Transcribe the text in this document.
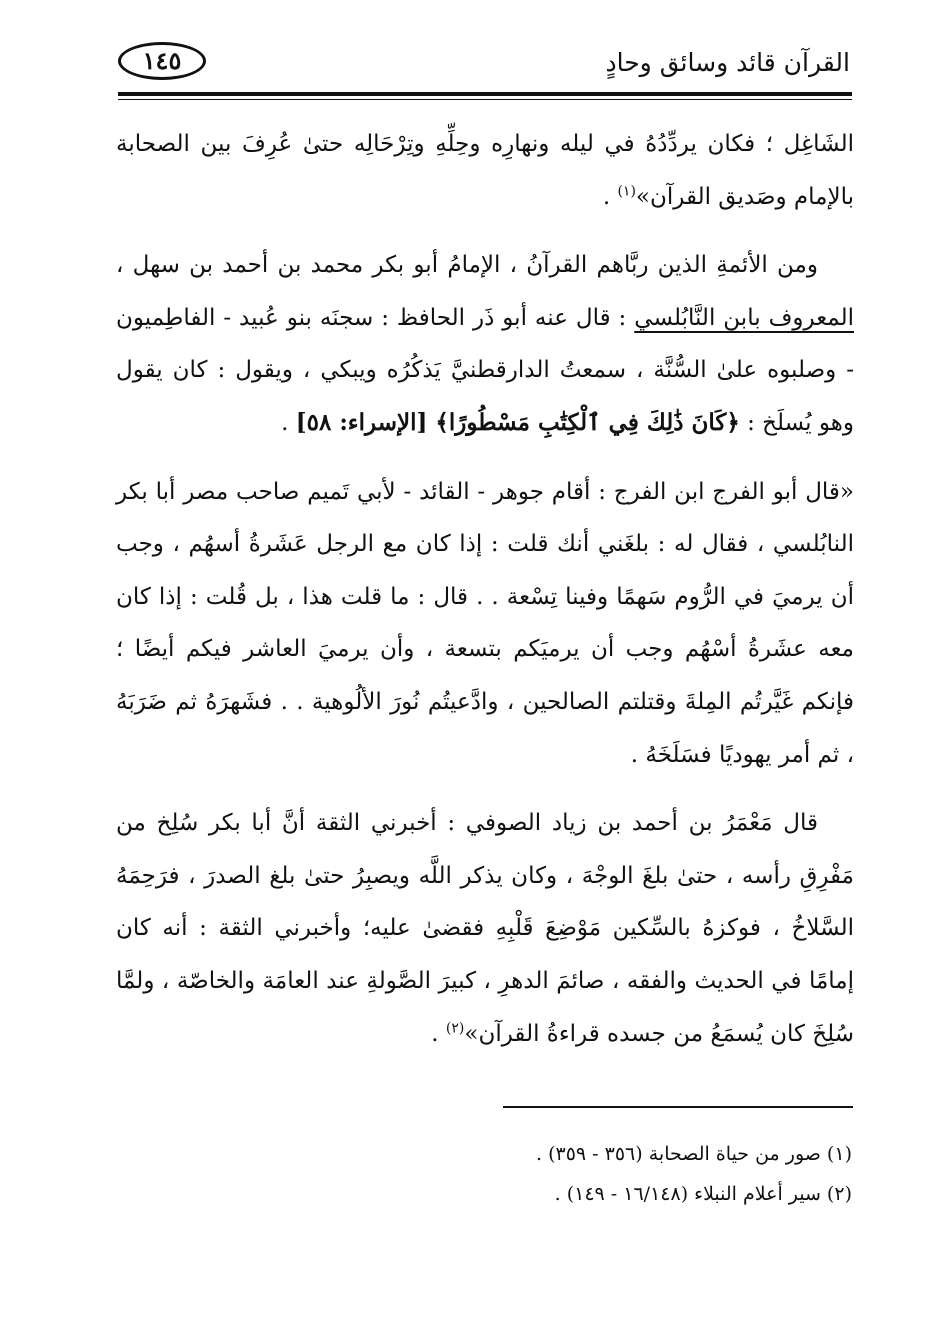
١٤٥	القرآن قائد وسائق وحادٍ

الشَاغِل ؛ فكان يردِّدُهُ في ليله ونهارِه وحِلِّهِ وتِرْحَالِه حتىٰ عُرِفَ بين الصحابة بالإمام وصَديق القرآن»$^{(١)}$ .

ومن الأئمةِ الذين ربَّاهم القرآنُ ، الإمامُ أبو بكر محمد بن أحمد بن سهل ، المعروف بابن النَّابُلسي : قال عنه أبو ذَر الحافظ : سجنَه بنو عُبيد - الفاطِميون - وصلبوه علىٰ السُّنَّة ، سمعتُ الدارقطنيَّ يَذكُرُه ويبكي ، ويقول : كان يقول وهو يُسلَخ : ﴿كَانَ ذَٰلِكَ فِي ٱلْكِتَٰبِ مَسْطُورًا﴾ [الإسراء: ٥٨] .

«قال أبو الفرج ابن الفرج : أقام جوهر - القائد - لأبي تَميم صاحب مصر أبا بكر النابُلسي ، فقال له : بلغَني أنك قلت : إذا كان مع الرجل عَشَرةُ أسهُم ، وجب أن يرميَ في الرُّوم سَهمًا وفينا تِسْعة . . قال : ما قلت هذا ، بل قُلت : إذا كان معه عشَرةُ أسْهُم وجب أن يرميَكم بتسعة ، وأن يرميَ العاشر فيكم أيضًا ؛ فإنكم غَيَّرتُم المِلةَ وقتلتم الصالحين ، وادَّعيتُم نُورَ الألُوهية . . فشَهرَهُ ثم ضَرَبَهُ ، ثم أمر يهوديًا فسَلَخَهُ .

قال مَعْمَرُ بن أحمد بن زياد الصوفي : أخبرني الثقة أنَّ أبا بكر سُلِخ من مَفْرِقِ رأسه ، حتىٰ بلغَ الوجْهَ ، وكان يذكر اللَّه ويصبِرُ حتىٰ بلغ الصدرَ ، فرَحِمَهُ السَّلاخُ ، فوكزهُ بالسِّكين مَوْضِعَ قَلْبِهِ فقضىٰ عليه؛ وأخبرني الثقة : أنه كان إمامًا في الحديث والفقه ، صائمَ الدهرِ ، كبيرَ الصَّولةِ عند العامَة والخاصّة ، ولمَّا سُلِخَ كان يُسمَعُ من جسده قراءةُ القرآن»$^{(٢)}$ .

(١) صور من حياة الصحابة (٣٥٦ - ٣٥٩) .

(٢) سير أعلام النبلاء (١٦/١٤٨ - ١٤٩) .
